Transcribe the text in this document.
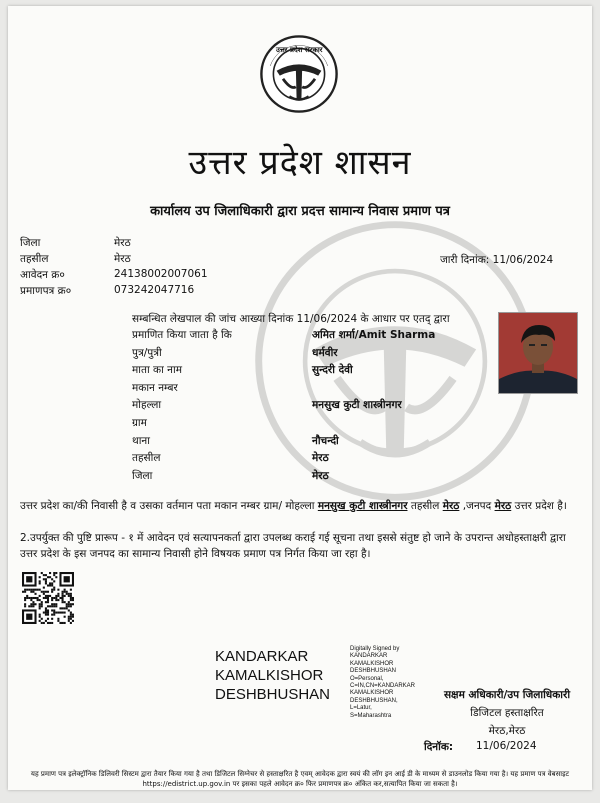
उत्तर प्रदेश सरकार
उत्तर प्रदेश शासन
कार्यालय उप जिलाधिकारी द्वारा प्रदत्त सामान्य निवास प्रमाण पत्र
जिला	मेरठ
तहसील	मेरठ
आवेदन क्र०	24138002007061
प्रमाणपत्र क्र०	073242047716
जारी दिनांक: 11/06/2024
सम्बन्धित लेखपाल की जांच आख्या दिनांक 11/06/2024 के आधार पर एतद् द्वारा
प्रमाणित किया जाता है कि	अमित शर्मा/Amit Sharma
पुत्र/पुत्री	धर्मवीर
माता का नाम	सुन्दरी देवी
मकान नम्बर
मोहल्ला	मनसुख कुटी शास्त्रीनगर
ग्राम
थाना	नौचन्दी
तहसील	मेरठ
जिला	मेरठ
उत्तर प्रदेश का/की निवासी है व उसका वर्तमान पता मकान नम्बर ग्राम/ मोहल्ला मनसुख कुटी शास्त्रीनगर तहसील मेरठ ,जनपद मेरठ उत्तर प्रदेश है।
2.उपर्युक्त की पुष्टि प्रारूप - १ में आवेदन एवं सत्यापनकर्ता द्वारा उपलब्ध कराई गई सूचना तथा इससे संतुष्ट हो जाने के उपरान्त अधोहस्ताक्षरी द्वारा उत्तर प्रदेश के इस जनपद का सामान्य निवासी होने विषयक प्रमाण पत्र निर्गत किया जा रहा है।
KANDARKAR
KAMALKISHOR
DESHBHUSHAN
Digitally Signed by
KANDARKAR
KAMALKISHOR
DESHBHUSHAN
O=Personal,
C=IN,CN=KANDARKAR
KAMALKISHOR
DESHBHUSHAN,
L=Latur,
S=Maharashtra
सक्षम अधिकारी/उप जिलाधिकारी
डिजिटल हस्ताक्षरित
मेरठ,मेरठ
दिनॉक: 11/06/2024
यह प्रमाण पत्र इलेक्ट्रॉनिक डिलिवरी सिस्टम द्वारा तैयार किया गया है तथा डिजिटल सिग्नेचर से हस्ताक्षरित है एवम् आवेदक द्वारा स्वयं की लॉग इन आई डी के माध्यम से डाउनलोड किया गया है। यह प्रमाण पत्र वेबसाइट https://edistrict.up.gov.in पर इसका पहले आवेदन क्र० फिर प्रमाणपत्र क्र० अंकित कर,सत्यापित किया जा सकता है।
